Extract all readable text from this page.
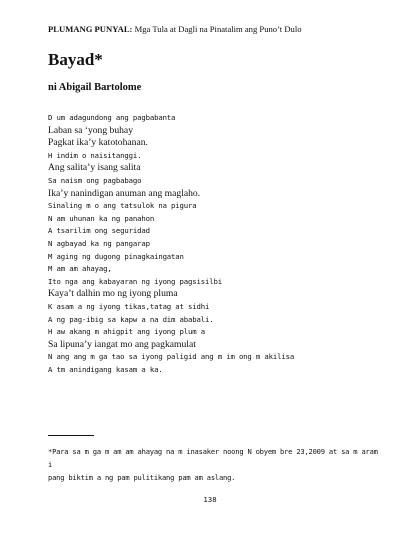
PLUMANG PUNYAL: Mga Tula at Dagli na Pinatalim ang Puno’t Dulo
Bayad*
ni Abigail Bartolome
D um adagundong ang pagbabanta
Laban sa ‘yong buhay
Pagkat ika’y katotohanan.
H indim o naisitanggi.
Ang salita’y isang salita
Sa naism ong pagbabago
Ika’y nanindigan anuman ang maglaho.
Sinaling m o ang tatsulok na pigura
N am uhunan ka ng panahon
A tsarilim ong seguridad
N agbayad ka ng pangarap
M aging ng dugong pinagkaingatan
M am am ahayag,
Ito nga ang kabayaran ng iyong pagsisilbi
Kaya’t dalhin mo ng iyong pluma
K asam a ng iyong tikas,tatag at sidhi
A ng pag-ibig sa kapw a na dim ababali.
H aw akang m ahigpit ang iyong plum a
Sa lipuna’y iangat mo ang pagkamulat
N ang ang m ga tao sa iyong paligid ang m im ong m akilisa
A tm anindigang kasam a ka.
*Para sa m ga m am am ahayag na m inasaker noong N obyem bre 23,2009 at sa m aram i
pang biktim a ng pam pulitikang pam am aslang.
138
